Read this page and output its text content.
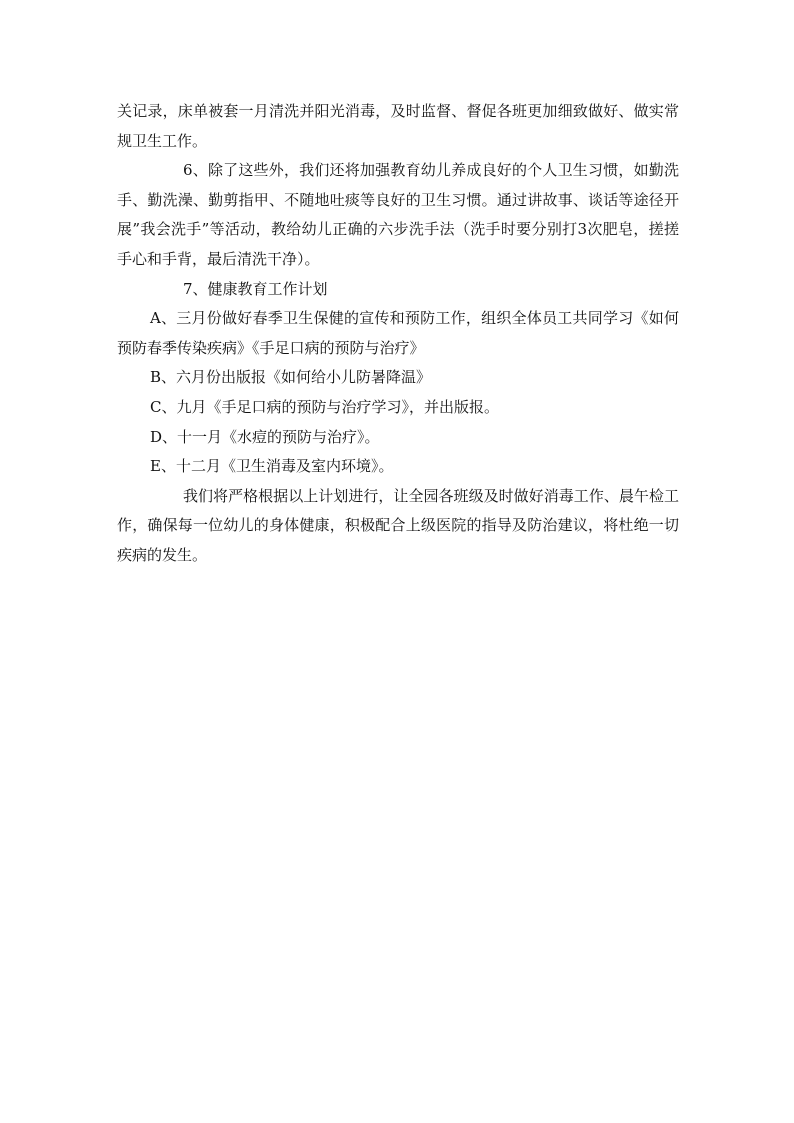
关记录，床单被套一月清洗并阳光消毒，及时监督、督促各班更加细致做好、做实常规卫生工作。

6、除了这些外，我们还将加强教育幼儿养成良好的个人卫生习惯，如勤洗手、勤洗澡、勤剪指甲、不随地吐痰等良好的卫生习惯。通过讲故事、谈话等途径开展”我会洗手”等活动，教给幼儿正确的六步洗手法（洗手时要分别打3次肥皂，搓搓手心和手背，最后清洗干净）。

7、健康教育工作计划

A、三月份做好春季卫生保健的宣传和预防工作，组织全体员工共同学习《如何预防春季传染疾病》《手足口病的预防与治疗》

B、六月份出版报《如何给小儿防暑降温》

C、九月《手足口病的预防与治疗学习》，并出版报。

D、十一月《水痘的预防与治疗》。

E、十二月《卫生消毒及室内环境》。

我们将严格根据以上计划进行，让全园各班级及时做好消毒工作、晨午检工作，确保每一位幼儿的身体健康，积极配合上级医院的指导及防治建议，将杜绝一切疾病的发生。
